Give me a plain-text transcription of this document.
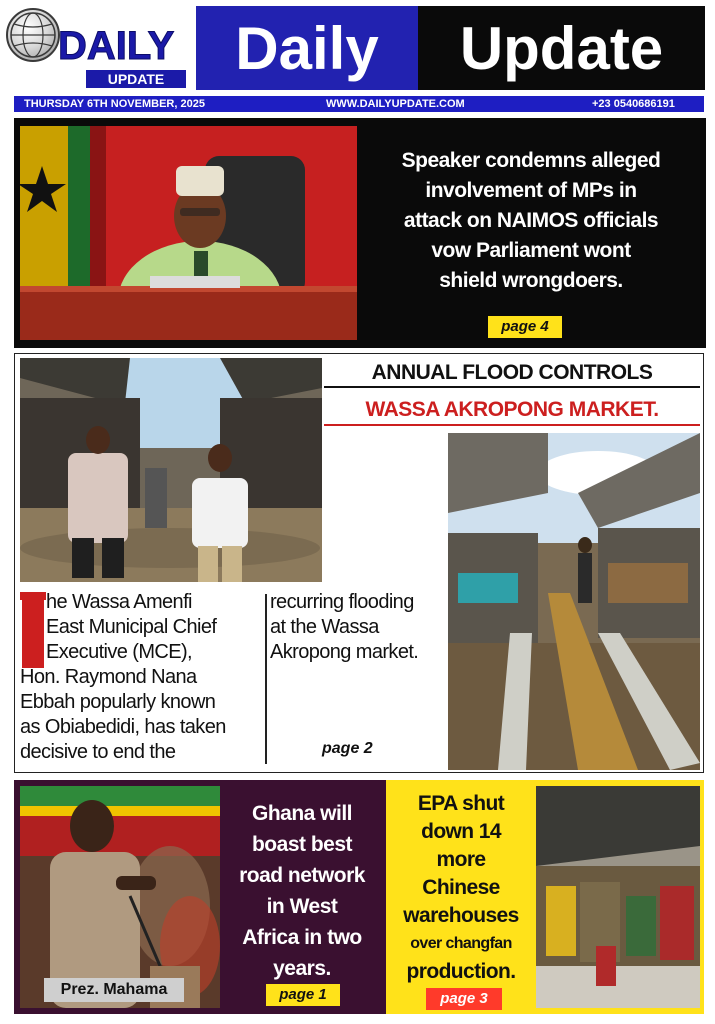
DAILY
UPDATE	Daily	Update
THURSDAY 6TH NOVEMBER, 2025	WWW.DAILYUPDATE.COM	+23 0540686191
Speaker condemns alleged
involvement of MPs in
attack on NAIMOS officials
vow Parliament wont
shield wrongdoers.
page 4
ANNUAL FLOOD CONTROLS
WASSA AKROPONG MARKET.
he Wassa Amenfi
East Municipal Chief
Executive (MCE),
Hon. Raymond Nana
Ebbah popularly known
as Obiabedidi, has taken
decisive to end the
recurring flooding
at the Wassa
Akropong market.
page 2
Prez. Mahama
Ghana will
boast best
road network
in West
Africa in two
years.
page 1
EPA shut
down 14
more
Chinese
warehouses
over changfan
production.
page 3
